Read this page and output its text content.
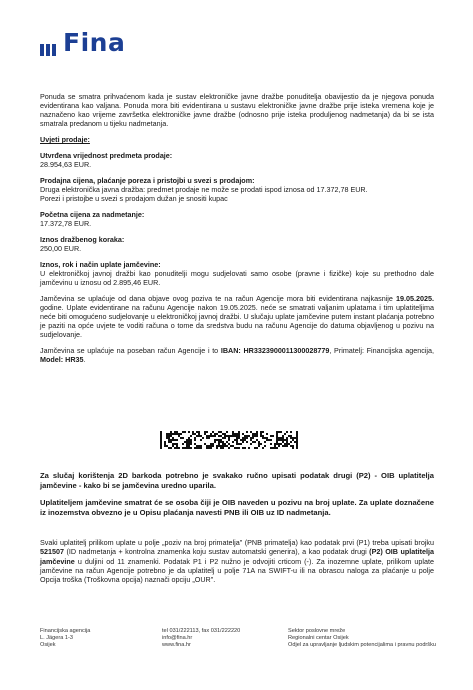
Fina

Ponuda se smatra prihvaćenom kada je sustav elektroničke javne dražbe ponuditelja obavijestio da je njegova ponuda evidentirana kao valjana. Ponuda mora biti evidentirana u sustavu elektroničke javne dražbe prije isteka vremena koje je naznačeno kao vrijeme završetka elektroničke javne dražbe (odnosno prije isteka produljenog nadmetanja) da bi se ista smatrala predanom u tijeku nadmetanja.

Uvjeti prodaje:

Utvrđena vrijednost predmeta prodaje:
28.954,63 EUR.
Prodajna cijena, plaćanje poreza i pristojbi u svezi s prodajom:
Druga elektronička javna dražba: predmet prodaje ne može se prodati ispod iznosa od 17.372,78 EUR.
Porezi i pristojbe u svezi s prodajom dužan je snositi kupac
Početna cijena za nadmetanje:
17.372,78 EUR.
Iznos dražbenog koraka:
250,00 EUR.
Iznos, rok i način uplate jamčevine:
U elektroničkoj javnoj dražbi kao ponuditelji mogu sudjelovati samo osobe (pravne i fizičke) koje su prethodno dale jamčevinu u iznosu od 2.895,46 EUR.

Jamčevina se uplaćuje od dana objave ovog poziva te na račun Agencije mora biti evidentirana najkasnije 19.05.2025. godine. Uplate evidentirane na računu Agencije nakon 19.05.2025. neće se smatrati valjanim uplatama i tim uplatiteljima neće biti omogućeno sudjelovanje u elektroničkoj javnoj dražbi. U slučaju uplate jamčevine putem instant plaćanja potrebno je paziti na opće uvjete te voditi računa o tome da sredstva budu na računu Agencije do datuma objavljenog u pozivu na sudjelovanje.

Jamčevina se uplaćuje na poseban račun Agencije i to IBAN: HR3323900011300028779, Primatelj: Financijska agencija, Model: HR35.

Za slučaj korištenja 2D barkoda potrebno je svakako ručno upisati podatak drugi (P2) - OIB uplatitelja jamčevine - kako bi se jamčevina uredno uparila.

Uplatiteljem jamčevine smatrat će se osoba čiji je OIB naveden u pozivu na broj uplate. Za uplate doznačene iz inozemstva obvezno je u Opisu plaćanja navesti PNB ili OIB uz ID nadmetanja.

Svaki uplatitelj prilikom uplate u polje „poziv na broj primatelja" (PNB primatelja) kao podatak prvi (P1) treba upisati brojku 521507 (ID nadmetanja + kontrolna znamenka koju sustav automatski generira), a kao podatak drugi (P2) OIB uplatitelja jamčevine u duljini od 11 znamenki. Podatak P1 i P2 nužno je odvojiti crticom (-). Za inozemne uplate, prilikom uplate jamčevine na račun Agencije potrebno je da uplatitelj u polje 71A na SWIFT-u ili na obrascu naloga za plaćanje u polje Opcija troška (Troškovna opcija) naznači opciju „OUR".
Financijska agencija
L. Jägera 1-3
Osijek
tel 031/222113, fax 031/222220
info@fina.hr
www.fina.hr
Sektor poslovne mreže
Regionalni centar Osijek
Odjel za upravljanje ljudskim potencijalima i pravnu podršku
